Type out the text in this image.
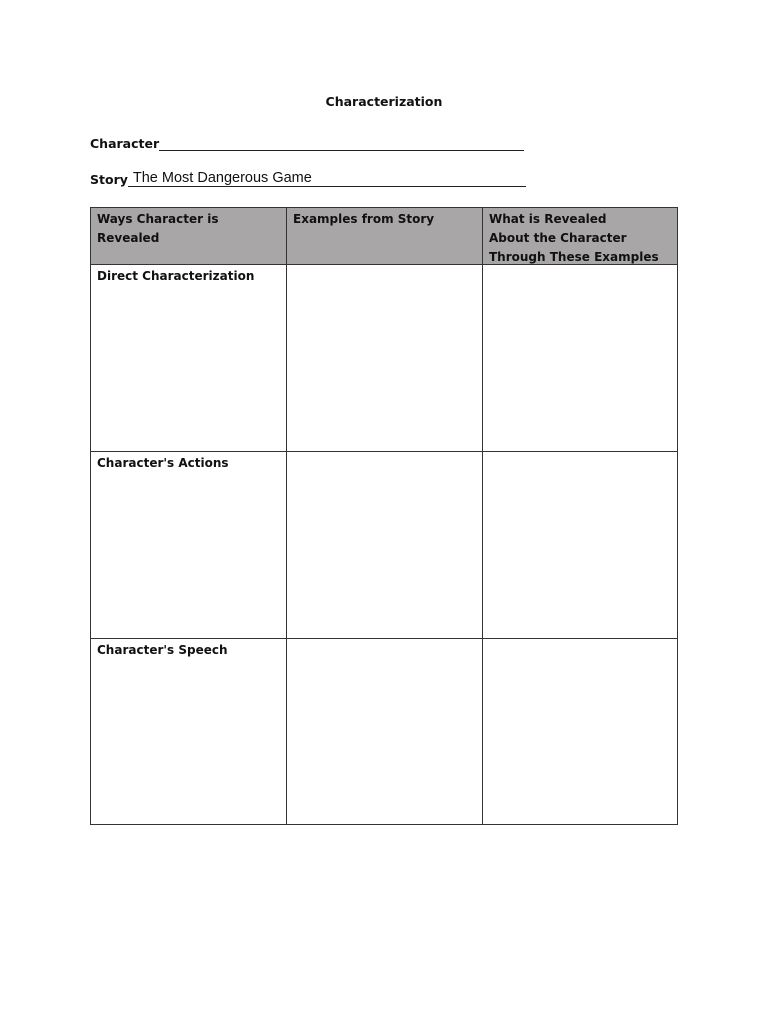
Characterization
Character
Story The Most Dangerous Game
Ways Character is Revealed
Examples from Story	What is Revealed
About the Character
Through These Examples
Direct Characterization
Character's Actions
Character's Speech
